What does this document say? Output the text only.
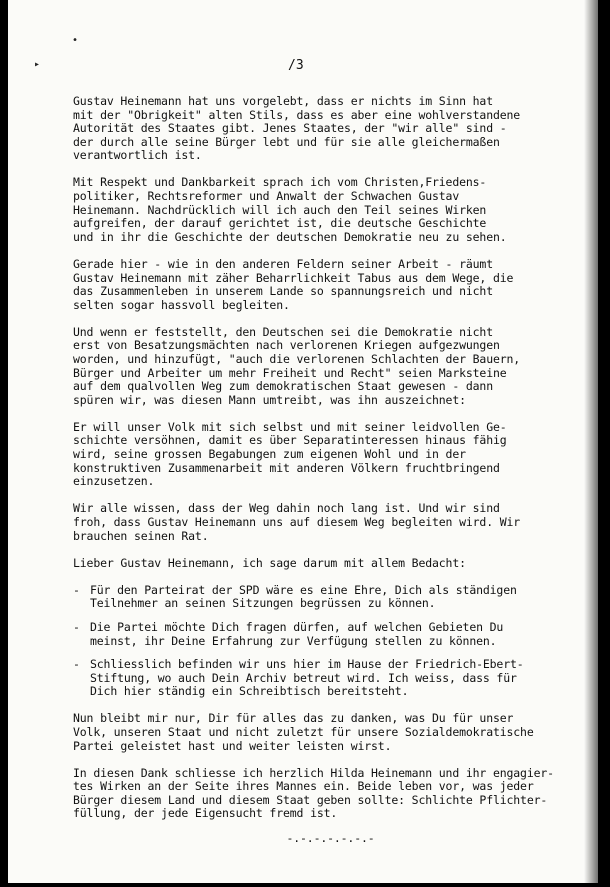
•
▸	/3
Gustav Heinemann hat uns vorgelebt, dass er nichts im Sinn hat
mit der "Obrigkeit" alten Stils, dass es aber eine wohlverstandene
Autorität des Staates gibt. Jenes Staates, der "wir alle" sind -
der durch alle seine Bürger lebt und für sie alle gleichermaßen
verantwortlich ist.
Mit Respekt und Dankbarkeit sprach ich vom Christen,Friedens-
politiker, Rechtsreformer und Anwalt der Schwachen Gustav
Heinemann. Nachdrücklich will ich auch den Teil seines Wirken
aufgreifen, der darauf gerichtet ist, die deutsche Geschichte
und in ihr die Geschichte der deutschen Demokratie neu zu sehen.
Gerade hier - wie in den anderen Feldern seiner Arbeit - räumt
Gustav Heinemann mit zäher Beharrlichkeit Tabus aus dem Wege, die
das Zusammenleben in unserem Lande so spannungsreich und nicht
selten sogar hassvoll begleiten.
Und wenn er feststellt, den Deutschen sei die Demokratie nicht
erst von Besatzungsmächten nach verlorenen Kriegen aufgezwungen
worden, und hinzufügt, "auch die verlorenen Schlachten der Bauern,
Bürger und Arbeiter um mehr Freiheit und Recht" seien Marksteine
auf dem qualvollen Weg zum demokratischen Staat gewesen - dann
spüren wir, was diesen Mann umtreibt, was ihn auszeichnet:
Er will unser Volk mit sich selbst und mit seiner leidvollen Ge-
schichte versöhnen, damit es über Separatinteressen hinaus fähig
wird, seine grossen Begabungen zum eigenen Wohl und in der
konstruktiven Zusammenarbeit mit anderen Völkern fruchtbringend
einzusetzen.
Wir alle wissen, dass der Weg dahin noch lang ist. Und wir sind
froh, dass Gustav Heinemann uns auf diesem Weg begleiten wird. Wir
brauchen seinen Rat.
Lieber Gustav Heinemann, ich sage darum mit allem Bedacht:
- Für den Parteirat der SPD wäre es eine Ehre, Dich als ständigen
Teilnehmer an seinen Sitzungen begrüssen zu können.
- Die Partei möchte Dich fragen dürfen, auf welchen Gebieten Du
meinst, ihr Deine Erfahrung zur Verfügung stellen zu können.
- Schliesslich befinden wir uns hier im Hause der Friedrich-Ebert-
Stiftung, wo auch Dein Archiv betreut wird. Ich weiss, dass für
Dich hier ständig ein Schreibtisch bereitsteht.
Nun bleibt mir nur, Dir für alles das zu danken, was Du für unser
Volk, unseren Staat und nicht zuletzt für unsere Sozialdemokratische
Partei geleistet hast und weiter leisten wirst.
In diesen Dank schliesse ich herzlich Hilda Heinemann und ihr engagier-
tes Wirken an der Seite ihres Mannes ein. Beide leben vor, was jeder
Bürger diesem Land und diesem Staat geben sollte: Schlichte Pflichter-
füllung, der jede Eigensucht fremd ist.
-.-.-.-.-.-.-
